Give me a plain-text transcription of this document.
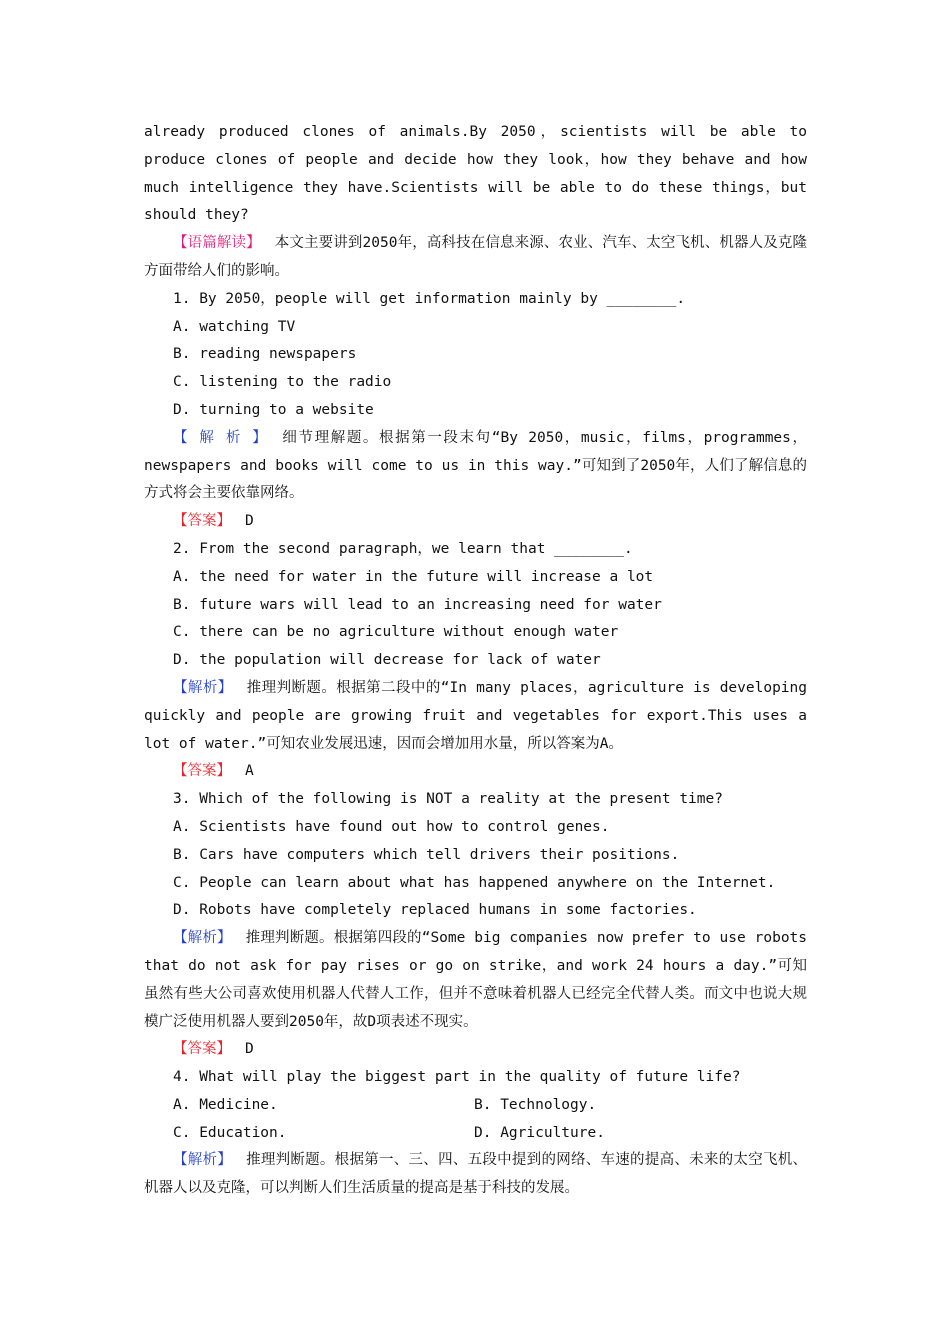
already produced clones of animals.By 2050，scientists will be able to produce clones of people and decide how they look，how they behave and how much intelligence they have.Scientists will be able to do these things，but should they?

【语篇解读】 本文主要讲到2050年，高科技在信息来源、农业、汽车、太空飞机、机器人及克隆方面带给人们的影响。

1. By 2050，people will get information mainly by ________.

A. watching TV

B. reading newspapers

C. listening to the radio

D. turning to a website

【 解 析 】 细节理解题。根据第一段末句“By 2050，music，films，programmes，newspapers and books will come to us in this way.”可知到了2050年，人们了解信息的方式将会主要依靠网络。

【答案】 D

2. From the second paragraph，we learn that ________.

A. the need for water in the future will increase a lot

B. future wars will lead to an increasing need for water

C. there can be no agriculture without enough water

D. the population will decrease for lack of water

【解析】 推理判断题。根据第二段中的“In many places，agriculture is developing quickly and people are growing fruit and vegetables for export.This uses a lot of water.”可知农业发展迅速，因而会增加用水量，所以答案为A。

【答案】 A

3. Which of the following is NOT a reality at the present time?

A. Scientists have found out how to control genes.

B. Cars have computers which tell drivers their positions.

C. People can learn about what has happened anywhere on the Internet.

D. Robots have completely replaced humans in some factories.

【解析】 推理判断题。根据第四段的“Some big companies now prefer to use robots that do not ask for pay rises or go on strike，and work 24 hours a day.”可知虽然有些大公司喜欢使用机器人代替人工作，但并不意味着机器人已经完全代替人类。而文中也说大规模广泛使用机器人要到2050年，故D项表述不现实。

【答案】 D

4. What will play the biggest part in the quality of future life?

A. Medicine.	B. Technology.
C. Education.	D. Agriculture.

【解析】 推理判断题。根据第一、三、四、五段中提到的网络、车速的提高、未来的太空飞机、机器人以及克隆，可以判断人们生活质量的提高是基于科技的发展。
